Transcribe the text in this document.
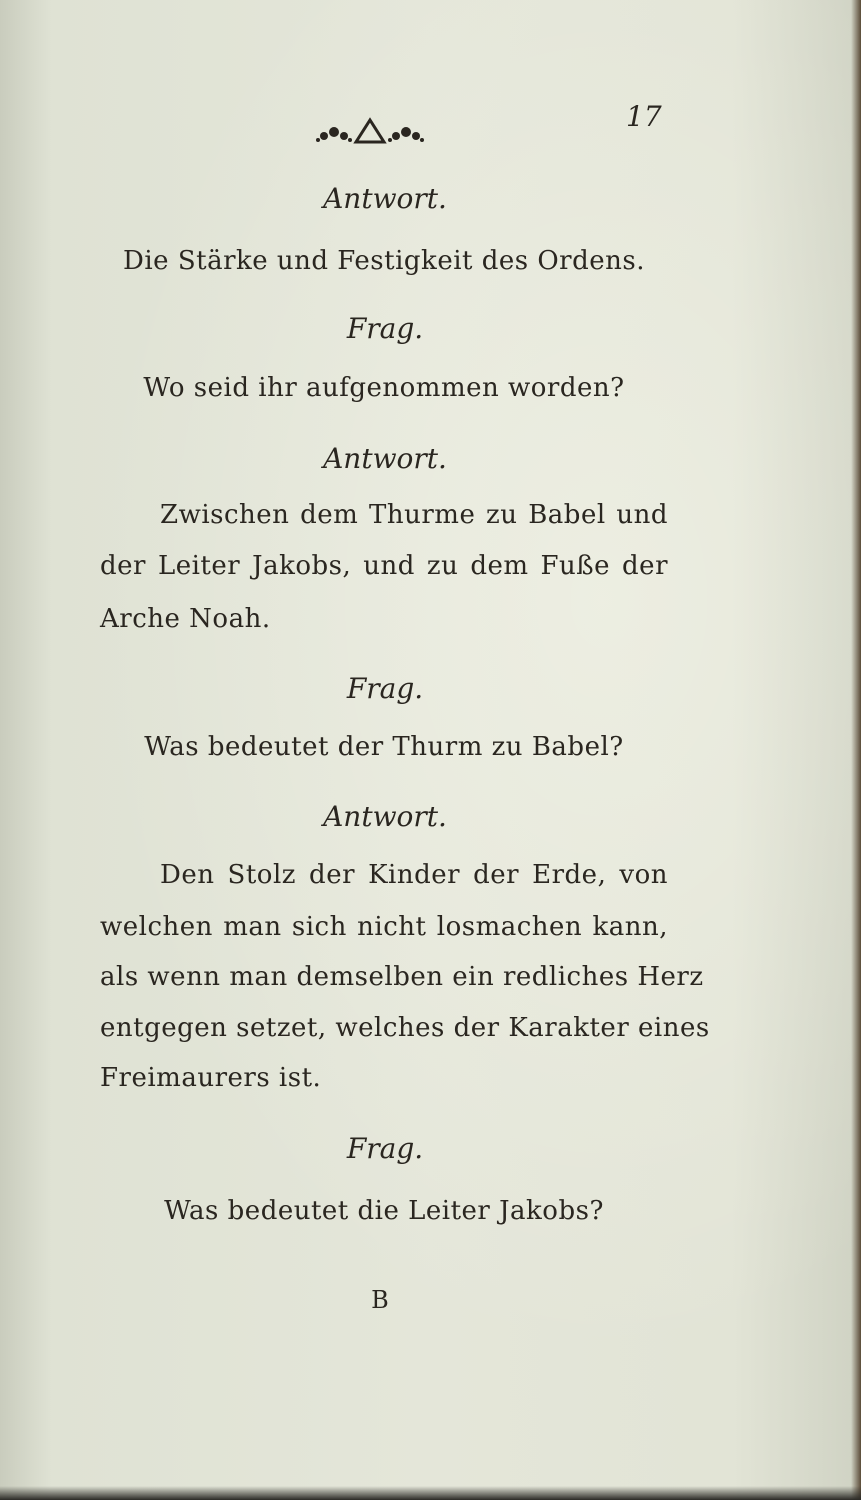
17
Antwort.
Die Stärke und Festigkeit des Ordens.
Frag.
Wo seid ihr aufgenommen worden?
Antwort.
Zwischen dem Thurme zu Babel und
der Leiter Jakobs, und zu dem Fuße der
Arche Noah.
Frag.
Was bedeutet der Thurm zu Babel?
Antwort.
Den Stolz der Kinder der Erde, von
welchen man sich nicht losmachen kann,
als wenn man demselben ein redliches Herz
entgegen setzet, welches der Karakter eines
Freimaurers ist.
Frag.
Was bedeutet die Leiter Jakobs?
B
